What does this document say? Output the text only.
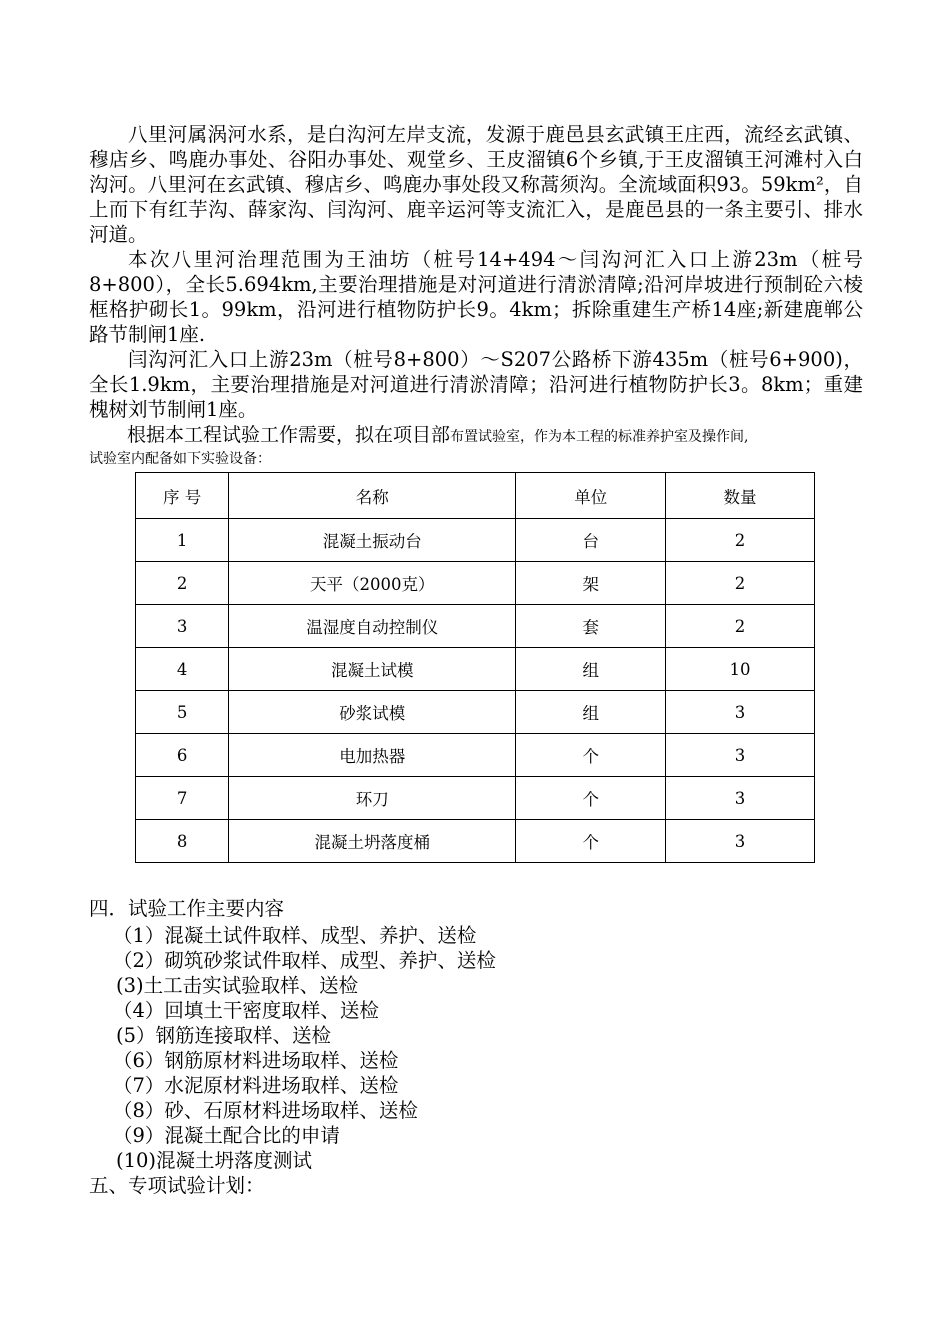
八里河属涡河水系，是白沟河左岸支流，发源于鹿邑县玄武镇王庄西，流经玄武镇、穆店乡、鸣鹿办事处、谷阳办事处、观堂乡、王皮溜镇6个乡镇,于王皮溜镇王河滩村入白沟河。八里河在玄武镇、穆店乡、鸣鹿办事处段又称蒿须沟。全流域面积93。59km²，自上而下有红芋沟、薛家沟、闫沟河、鹿辛运河等支流汇入，是鹿邑县的一条主要引、排水河道。

本次八里河治理范围为王油坊（桩号14+494～闫沟河汇入口上游23m（桩号8+800），全长5.694km,主要治理措施是对河道进行清淤清障;沿河岸坡进行预制砼六棱框格护砌长1。99km，沿河进行植物防护长9。4km；拆除重建生产桥14座;新建鹿郸公路节制闸1座.

闫沟河汇入口上游23m（桩号8+800）～S207公路桥下游435m（桩号6+900)，全长1.9km，主要治理措施是对河道进行清淤清障；沿河进行植物防护长3。8km；重建槐树刘节制闸1座。

根据本工程试验工作需要，拟在项目部布置试验室，作为本工程的标准养护室及操作间,
试验室内配备如下实验设备：

序 号	名称	单位	数量
1	混凝土振动台	台	2
2	天平（2000克）	架	2
3	温湿度自动控制仪	套	2
4	混凝土试模	组	10
5	砂浆试模	组	3
6	电加热器	个	3
7	环刀	个	3
8	混凝土坍落度桶	个	3

四．试验工作主要内容

（1）混凝土试件取样、成型、养护、送检
（2）砌筑砂浆试件取样、成型、养护、送检
(3)土工击实试验取样、送检
（4）回填土干密度取样、送检
(5）钢筋连接取样、送检
（6）钢筋原材料进场取样、送检
（7）水泥原材料进场取样、送检
（8）砂、石原材料进场取样、送检
（9）混凝土配合比的申请
(10)混凝土坍落度测试

五、专项试验计划：
